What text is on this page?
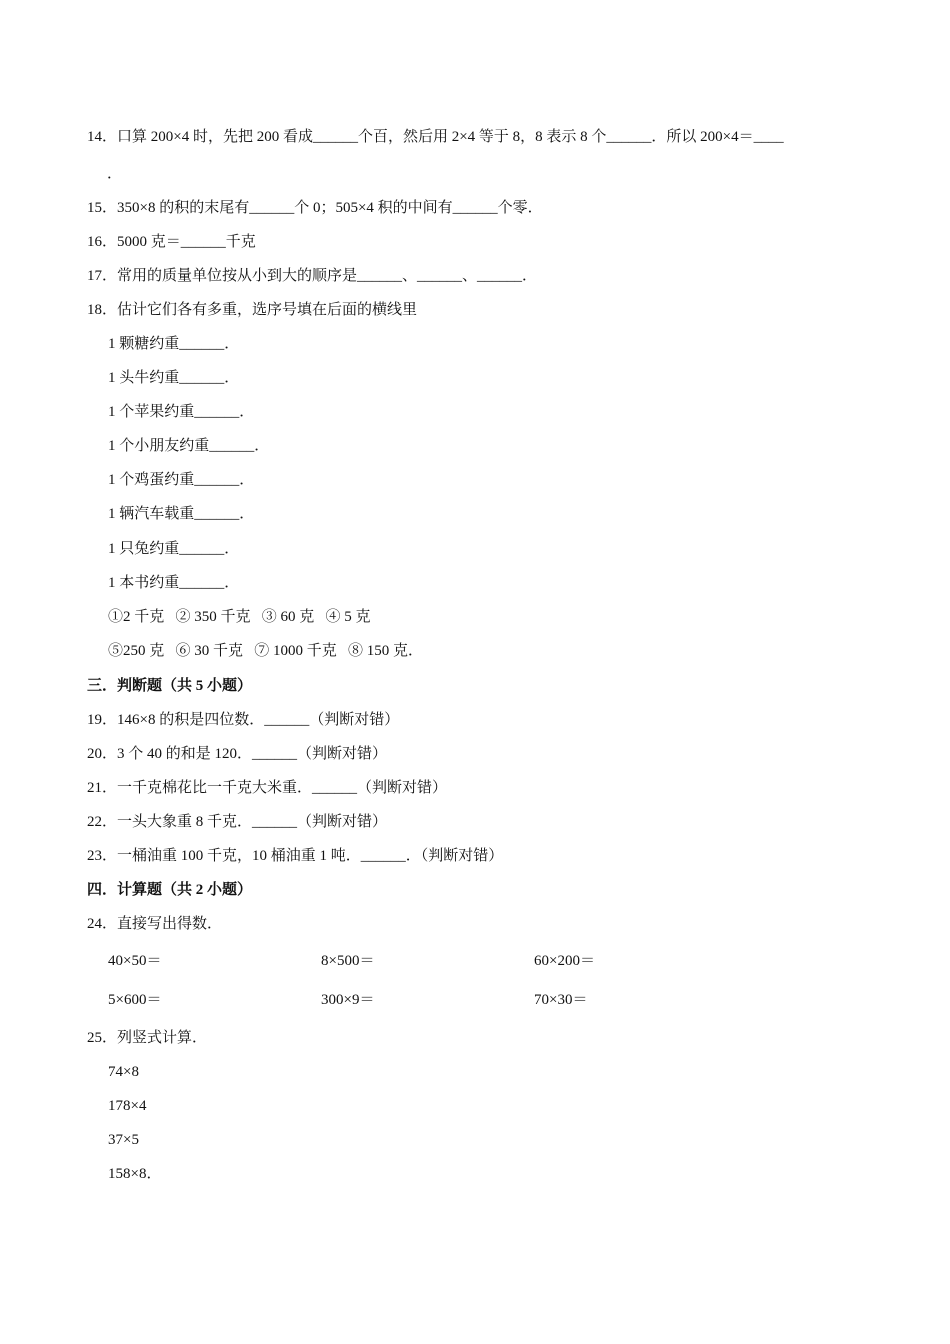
14．口算 200×4 时，先把 200 看成______个百，然后用 2×4 等于 8，8 表示 8 个______．所以 200×4＝____
．
15．350×8 的积的末尾有______个 0；505×4 积的中间有______个零．
16．5000 克＝______千克
17．常用的质量单位按从小到大的顺序是______、______、______．
18．估计它们各有多重，选序号填在后面的横线里
1 颗糖约重______．
1 头牛约重______．
1 个苹果约重______．
1 个小朋友约重______．
1 个鸡蛋约重______．
1 辆汽车载重______．
1 只兔约重______．
1 本书约重______．
①2 千克   ② 350 千克   ③ 60 克   ④ 5 克
⑤250 克   ⑥ 30 千克   ⑦ 1000 千克   ⑧ 150 克．
三．判断题（共 5 小题）
19．146×8 的积是四位数．______（判断对错）
20．3 个 40 的和是 120．______（判断对错）
21．一千克棉花比一千克大米重．______（判断对错）
22．一头大象重 8 千克．______（判断对错）
23．一桶油重 100 千克，10 桶油重 1 吨．______．（判断对错）
四．计算题（共 2 小题）
24．直接写出得数．
40×50＝	8×500＝	60×200＝
5×600＝	300×9＝	70×30＝
25．列竖式计算．
74×8
178×4
37×5
158×8．
